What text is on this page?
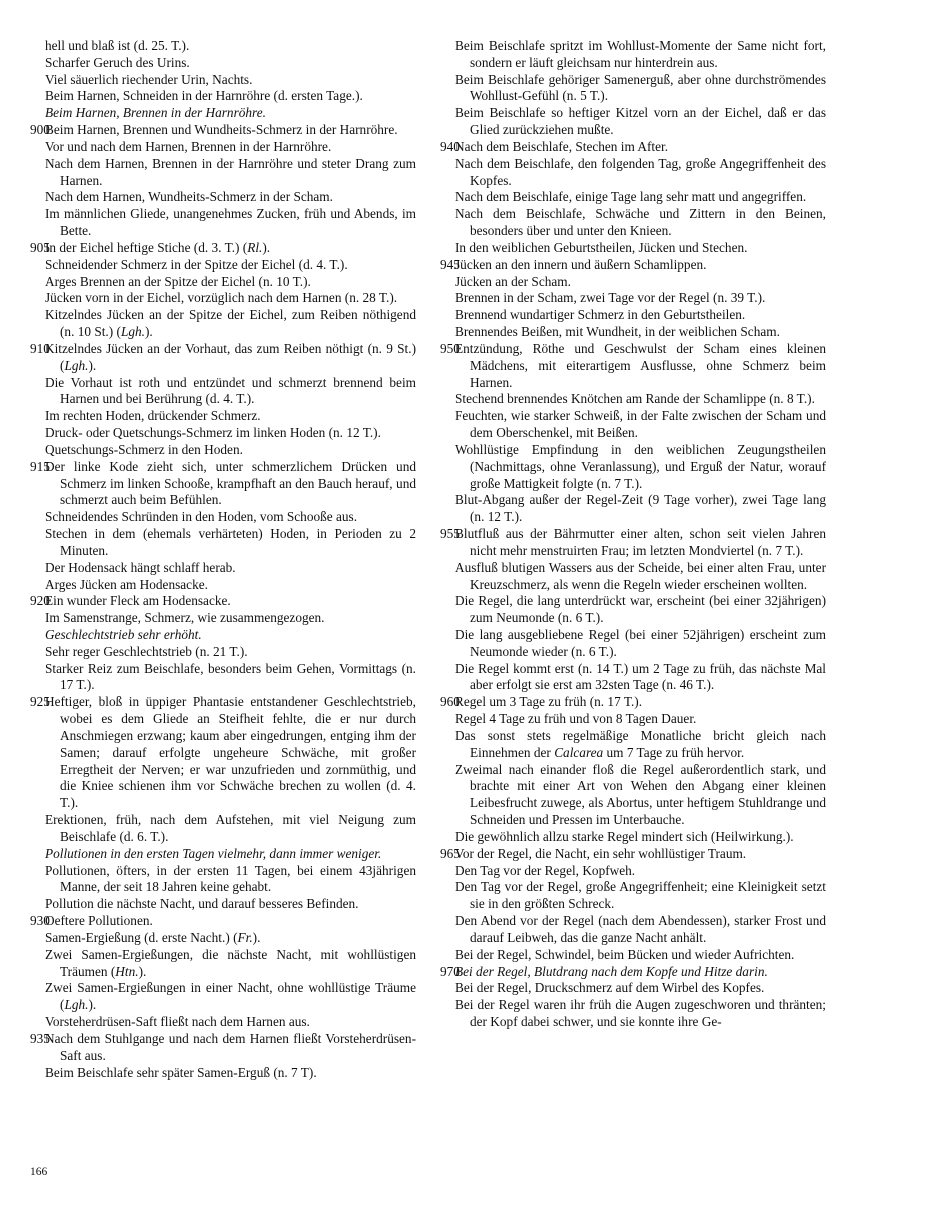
hell und blaß ist (d. 25. T.).
Scharfer Geruch des Urins.
Viel säuerlich riechender Urin, Nachts.
Beim Harnen, Schneiden in der Harnröhre (d. ersten Tage.).
Beim Harnen, Brennen in der Harnröhre.
900
Beim Harnen, Brennen und Wundheits-Schmerz in der Harnröhre.
Vor und nach dem Harnen, Brennen in der Harnröhre.
Nach dem Harnen, Brennen in der Harnröhre und steter Drang zum Harnen.
Nach dem Harnen, Wundheits-Schmerz in der Scham.
Im männlichen Gliede, unangenehmes Zucken, früh und Abends, im Bette.
905
In der Eichel heftige Stiche (d. 3. T.) (Rl.).
Schneidender Schmerz in der Spitze der Eichel (d. 4. T.).
Arges Brennen an der Spitze der Eichel (n. 10 T.).
Jücken vorn in der Eichel, vorzüglich nach dem Harnen (n. 28 T.).
Kitzelndes Jücken an der Spitze der Eichel, zum Reiben nöthigend (n. 10 St.) (Lgh.).
910
Kitzelndes Jücken an der Vorhaut, das zum Reiben nöthigt (n. 9 St.) (Lgh.).
Die Vorhaut ist roth und entzündet und schmerzt brennend beim Harnen und bei Berührung (d. 4. T.).
Im rechten Hoden, drückender Schmerz.
Druck- oder Quetschungs-Schmerz im linken Hoden (n. 12 T.).
Quetschungs-Schmerz in den Hoden.
915
Der linke Kode zieht sich, unter schmerzlichem Drücken und Schmerz im linken Schooße, krampfhaft an den Bauch herauf, und schmerzt auch beim Befühlen.
Schneidendes Schründen in den Hoden, vom Schooße aus.
Stechen in dem (ehemals verhärteten) Hoden, in Perioden zu 2 Minuten.
Der Hodensack hängt schlaff herab.
Arges Jücken am Hodensacke.
920
Ein wunder Fleck am Hodensacke.
Im Samenstrange, Schmerz, wie zusammengezogen.
Geschlechtstrieb sehr erhöht.
Sehr reger Geschlechtstrieb (n. 21 T.).
Starker Reiz zum Beischlafe, besonders beim Gehen, Vormittags (n. 17 T.).
925
Heftiger, bloß in üppiger Phantasie entstandener Geschlechtstrieb, wobei es dem Gliede an Steifheit fehlte, die er nur durch Anschmiegen erzwang; kaum aber eingedrungen, entging ihm der Samen; darauf erfolgte ungeheure Schwäche, mit großer Erregtheit der Nerven; er war unzufrieden und zornmüthig, und die Kniee schienen ihm vor Schwäche brechen zu wollen (d. 4. T.).
Erektionen, früh, nach dem Aufstehen, mit viel Neigung zum Beischlafe (d. 6. T.).
Pollutionen in den ersten Tagen vielmehr, dann immer weniger.
Pollutionen, öfters, in der ersten 11 Tagen, bei einem 43jährigen Manne, der seit 18 Jahren keine gehabt.
Pollution die nächste Nacht, und darauf besseres Befinden.
930
Oeftere Pollutionen.
Samen-Ergießung (d. erste Nacht.) (Fr.).
Zwei Samen-Ergießungen, die nächste Nacht, mit wohllüstigen Träumen (Htn.).
Zwei Samen-Ergießungen in einer Nacht, ohne wohllüstige Träume (Lgh.).
Vorsteherdrüsen-Saft fließt nach dem Harnen aus.
935
Nach dem Stuhlgange und nach dem Harnen fließt Vorsteherdrüsen-Saft aus.
Beim Beischlafe sehr später Samen-Erguß (n. 7 T).
Beim Beischlafe spritzt im Wohllust-Momente der Same nicht fort, sondern er läuft gleichsam nur hinterdrein aus.
Beim Beischlafe gehöriger Samenerguß, aber ohne durchströmendes Wohllust-Gefühl (n. 5 T.).
Beim Beischlafe so heftiger Kitzel vorn an der Eichel, daß er das Glied zurückziehen mußte.
940
Nach dem Beischlafe, Stechen im After.
Nach dem Beischlafe, den folgenden Tag, große Angegriffenheit des Kopfes.
Nach dem Beischlafe, einige Tage lang sehr matt und angegriffen.
Nach dem Beischlafe, Schwäche und Zittern in den Beinen, besonders über und unter den Knieen.
In den weiblichen Geburtstheilen, Jücken und Stechen.
945
Jücken an den innern und äußern Schamlippen.
Jücken an der Scham.
Brennen in der Scham, zwei Tage vor der Regel (n. 39 T.).
Brennend wundartiger Schmerz in den Geburtstheilen.
Brennendes Beißen, mit Wundheit, in der weiblichen Scham.
950
Entzündung, Röthe und Geschwulst der Scham eines kleinen Mädchens, mit eiterartigem Ausflusse, ohne Schmerz beim Harnen.
Stechend brennendes Knötchen am Rande der Schamlippe (n. 8 T.).
Feuchten, wie starker Schweiß, in der Falte zwischen der Scham und dem Oberschenkel, mit Beißen.
Wohllüstige Empfindung in den weiblichen Zeugungstheilen (Nachmittags, ohne Veranlassung), und Erguß der Natur, worauf große Mattigkeit folgte (n. 7 T.).
Blut-Abgang außer der Regel-Zeit (9 Tage vorher), zwei Tage lang (n. 12 T.).
955
Blutfluß aus der Bährmutter einer alten, schon seit vielen Jahren nicht mehr menstruirten Frau; im letzten Mondviertel (n. 7 T.).
Ausfluß blutigen Wassers aus der Scheide, bei einer alten Frau, unter Kreuzschmerz, als wenn die Regeln wieder erscheinen wollten.
Die Regel, die lang unterdrückt war, erscheint (bei einer 32jährigen) zum Neumonde (n. 6 T.).
Die lang ausgebliebene Regel (bei einer 52jährigen) erscheint zum Neumonde wieder (n. 6 T.).
Die Regel kommt erst (n. 14 T.) um 2 Tage zu früh, das nächste Mal aber erfolgt sie erst am 32sten Tage (n. 46 T.).
960
Regel um 3 Tage zu früh (n. 17 T.).
Regel 4 Tage zu früh und von 8 Tagen Dauer.
Das sonst stets regelmäßige Monatliche bricht gleich nach Einnehmen der Calcarea um 7 Tage zu früh hervor.
Zweimal nach einander floß die Regel außerordentlich stark, und brachte mit einer Art von Wehen den Abgang einer kleinen Leibesfrucht zuwege, als Abortus, unter heftigem Stuhldrange und Schneiden und Pressen im Unterbauche.
Die gewöhnlich allzu starke Regel mindert sich (Heilwirkung.).
965
Vor der Regel, die Nacht, ein sehr wohllüstiger Traum.
Den Tag vor der Regel, Kopfweh.
Den Tag vor der Regel, große Angegriffenheit; eine Kleinigkeit setzt sie in den größten Schreck.
Den Abend vor der Regel (nach dem Abendessen), starker Frost und darauf Leibweh, das die ganze Nacht anhält.
Bei der Regel, Schwindel, beim Bücken und wieder Aufrichten.
970
Bei der Regel, Blutdrang nach dem Kopfe und Hitze darin.
Bei der Regel, Druckschmerz auf dem Wirbel des Kopfes.
Bei der Regel waren ihr früh die Augen zugeschworen und thränten; der Kopf dabei schwer, und sie konnte ihre Ge-
166
